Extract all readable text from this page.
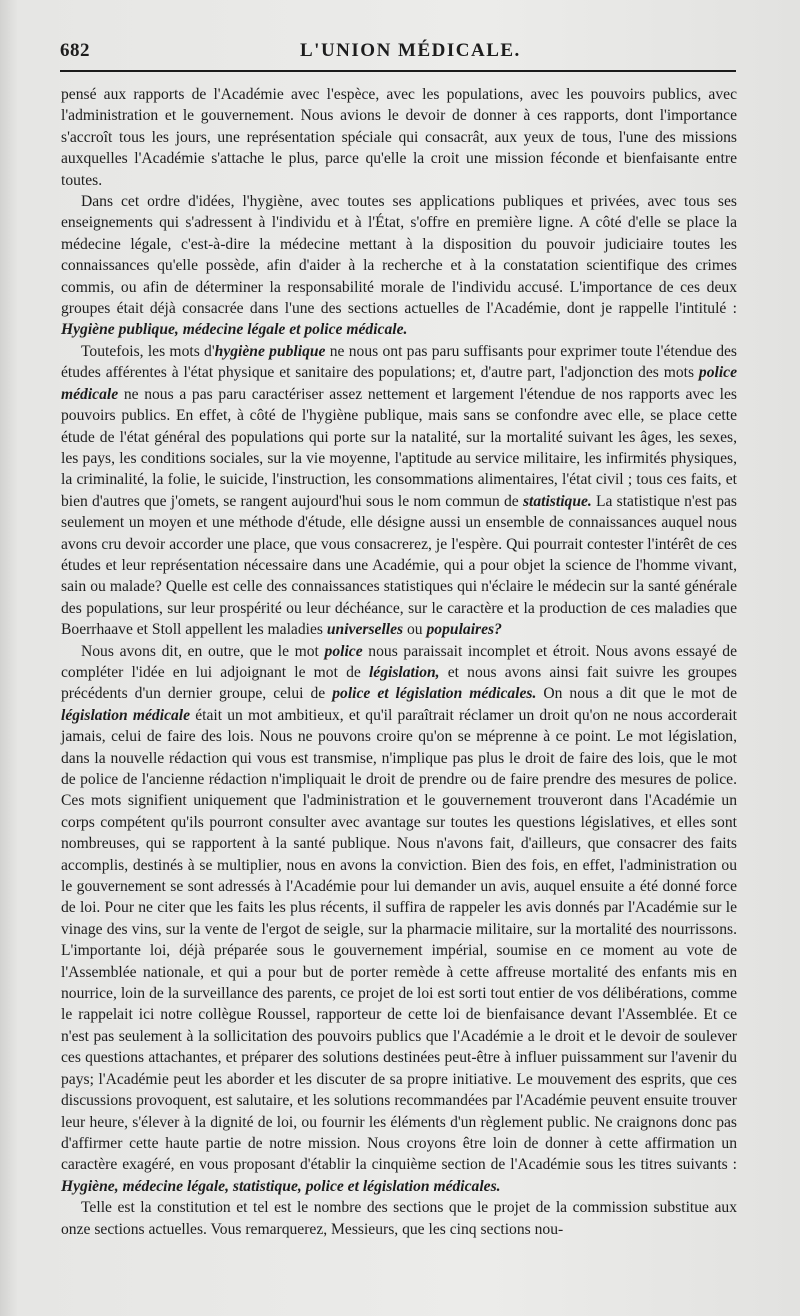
682	L'UNION MÉDICALE.

pensé aux rapports de l'Académie avec l'espèce, avec les populations, avec les pouvoirs publics, avec l'administration et le gouvernement. Nous avions le devoir de donner à ces rapports, dont l'importance s'accroît tous les jours, une représentation spéciale qui consacrât, aux yeux de tous, l'une des missions auxquelles l'Académie s'attache le plus, parce qu'elle la croit une mission féconde et bienfaisante entre toutes.

Dans cet ordre d'idées, l'hygiène, avec toutes ses applications publiques et privées, avec tous ses enseignements qui s'adressent à l'individu et à l'État, s'offre en première ligne. A côté d'elle se place la médecine légale, c'est-à-dire la médecine mettant à la disposition du pouvoir judiciaire toutes les connaissances qu'elle possède, afin d'aider à la recherche et à la constatation scientifique des crimes commis, ou afin de déterminer la responsabilité morale de l'individu accusé. L'importance de ces deux groupes était déjà consacrée dans l'une des sections actuelles de l'Académie, dont je rappelle l'intitulé : Hygiène publique, médecine légale et police médicale.

Toutefois, les mots d'hygiène publique ne nous ont pas paru suffisants pour exprimer toute l'étendue des études afférentes à l'état physique et sanitaire des populations; et, d'autre part, l'adjonction des mots police médicale ne nous a pas paru caractériser assez nettement et largement l'étendue de nos rapports avec les pouvoirs publics. En effet, à côté de l'hygiène publique, mais sans se confondre avec elle, se place cette étude de l'état général des populations qui porte sur la natalité, sur la mortalité suivant les âges, les sexes, les pays, les conditions sociales, sur la vie moyenne, l'aptitude au service militaire, les infirmités physiques, la criminalité, la folie, le suicide, l'instruction, les consommations alimentaires, l'état civil ; tous ces faits, et bien d'autres que j'omets, se rangent aujourd'hui sous le nom commun de statistique. La statistique n'est pas seulement un moyen et une méthode d'étude, elle désigne aussi un ensemble de connaissances auquel nous avons cru devoir accorder une place, que vous consacrerez, je l'espère. Qui pourrait contester l'intérêt de ces études et leur représentation nécessaire dans une Académie, qui a pour objet la science de l'homme vivant, sain ou malade? Quelle est celle des connaissances statistiques qui n'éclaire le médecin sur la santé générale des populations, sur leur prospérité ou leur déchéance, sur le caractère et la production de ces maladies que Boerrhaave et Stoll appellent les maladies universelles ou populaires?

Nous avons dit, en outre, que le mot police nous paraissait incomplet et étroit. Nous avons essayé de compléter l'idée en lui adjoignant le mot de législation, et nous avons ainsi fait suivre les groupes précédents d'un dernier groupe, celui de police et législation médicales. On nous a dit que le mot de législation médicale était un mot ambitieux, et qu'il paraîtrait réclamer un droit qu'on ne nous accorderait jamais, celui de faire des lois. Nous ne pouvons croire qu'on se méprenne à ce point. Le mot législation, dans la nouvelle rédaction qui vous est transmise, n'implique pas plus le droit de faire des lois, que le mot de police de l'ancienne rédaction n'impliquait le droit de prendre ou de faire prendre des mesures de police. Ces mots signifient uniquement que l'administration et le gouvernement trouveront dans l'Académie un corps compétent qu'ils pourront consulter avec avantage sur toutes les questions législatives, et elles sont nombreuses, qui se rapportent à la santé publique. Nous n'avons fait, d'ailleurs, que consacrer des faits accomplis, destinés à se multiplier, nous en avons la conviction. Bien des fois, en effet, l'administration ou le gouvernement se sont adressés à l'Académie pour lui demander un avis, auquel ensuite a été donné force de loi. Pour ne citer que les faits les plus récents, il suffira de rappeler les avis donnés par l'Académie sur le vinage des vins, sur la vente de l'ergot de seigle, sur la pharmacie militaire, sur la mortalité des nourrissons. L'importante loi, déjà préparée sous le gouvernement impérial, soumise en ce moment au vote de l'Assemblée nationale, et qui a pour but de porter remède à cette affreuse mortalité des enfants mis en nourrice, loin de la surveillance des parents, ce projet de loi est sorti tout entier de vos délibérations, comme le rappelait ici notre collègue Roussel, rapporteur de cette loi de bienfaisance devant l'Assemblée. Et ce n'est pas seulement à la sollicitation des pouvoirs publics que l'Académie a le droit et le devoir de soulever ces questions attachantes, et préparer des solutions destinées peut-être à influer puissamment sur l'avenir du pays; l'Académie peut les aborder et les discuter de sa propre initiative. Le mouvement des esprits, que ces discussions provoquent, est salutaire, et les solutions recommandées par l'Académie peuvent ensuite trouver leur heure, s'élever à la dignité de loi, ou fournir les éléments d'un règlement public. Ne craignons donc pas d'affirmer cette haute partie de notre mission. Nous croyons être loin de donner à cette affirmation un caractère exagéré, en vous proposant d'établir la cinquième section de l'Académie sous les titres suivants : Hygiène, médecine légale, statistique, police et législation médicales.

Telle est la constitution et tel est le nombre des sections que le projet de la commission substitue aux onze sections actuelles. Vous remarquerez, Messieurs, que les cinq sections nou-
